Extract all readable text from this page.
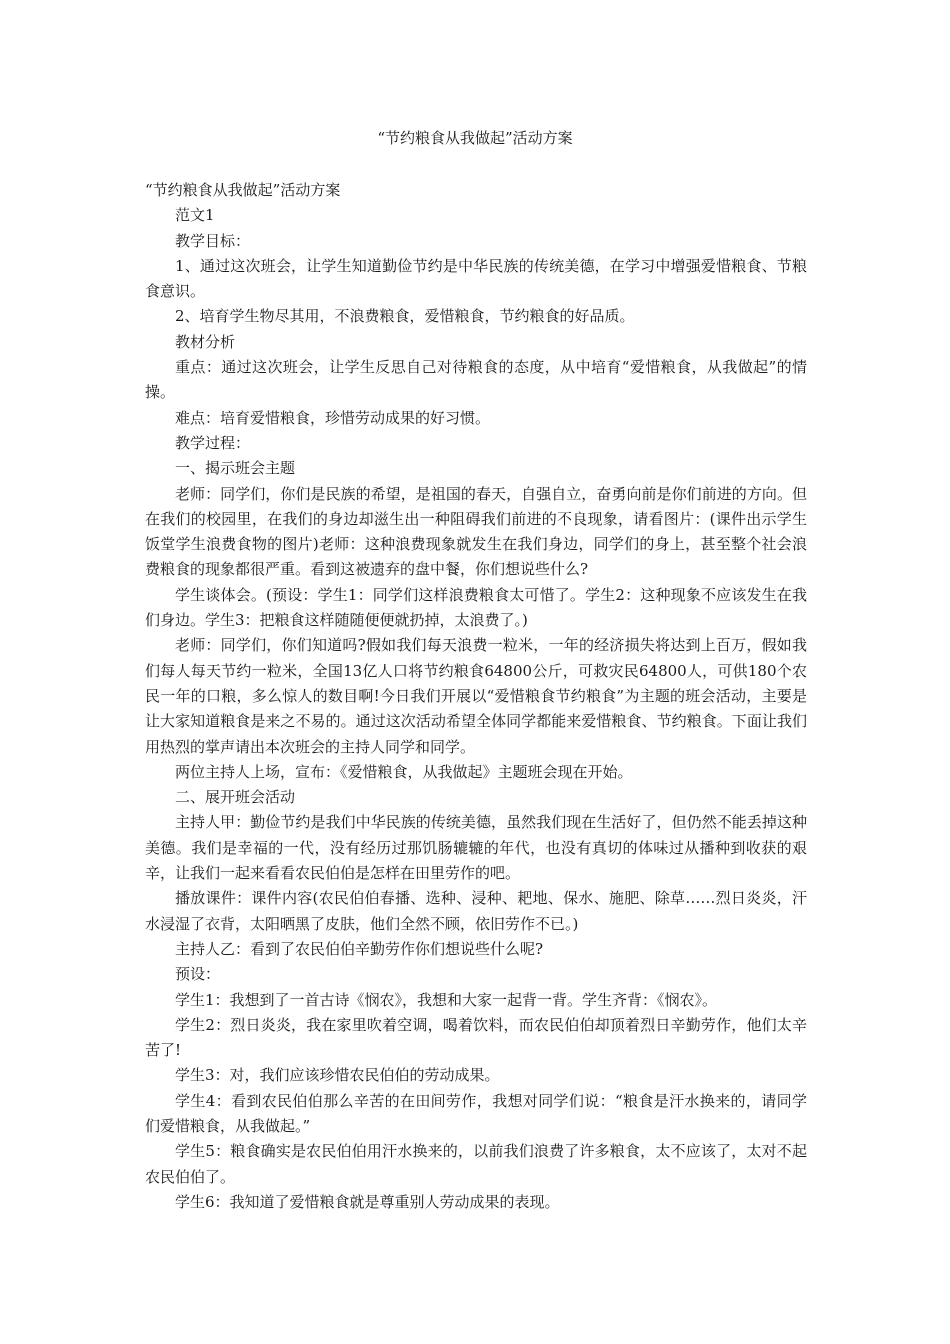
“节约粮食从我做起”活动方案

“节约粮食从我做起”活动方案

范文1

教学目标：

1、通过这次班会，让学生知道勤俭节约是中华民族的传统美德，在学习中增强爱惜粮食、节粮食意识。

2、培育学生物尽其用，不浪费粮食，爱惜粮食，节约粮食的好品质。

教材分析

重点：通过这次班会，让学生反思自己对待粮食的态度，从中培育“爱惜粮食，从我做起”的情操。

难点：培育爱惜粮食，珍惜劳动成果的好习惯。

教学过程：

一、揭示班会主题

老师：同学们，你们是民族的希望，是祖国的春天，自强自立，奋勇向前是你们前进的方向。但在我们的校园里，在我们的身边却滋生出一种阻碍我们前进的不良现象，请看图片：(课件出示学生饭堂学生浪费食物的图片)老师：这种浪费现象就发生在我们身边，同学们的身上，甚至整个社会浪费粮食的现象都很严重。看到这被遗弃的盘中餐，你们想说些什么?

学生谈体会。(预设：学生1：同学们这样浪费粮食太可惜了。学生2：这种现象不应该发生在我们身边。学生3：把粮食这样随随便便就扔掉，太浪费了。)

老师：同学们，你们知道吗?假如我们每天浪费一粒米，一年的经济损失将达到上百万，假如我们每人每天节约一粒米，全国13亿人口将节约粮食64800公斤，可救灾民64800人，可供180个农民一年的口粮，多么惊人的数目啊!今日我们开展以“爱惜粮食节约粮食”为主题的班会活动，主要是让大家知道粮食是来之不易的。通过这次活动希望全体同学都能来爱惜粮食、节约粮食。下面让我们用热烈的掌声请出本次班会的主持人同学和同学。

两位主持人上场，宣布：《爱惜粮食，从我做起》主题班会现在开始。

二、展开班会活动

主持人甲：勤俭节约是我们中华民族的传统美德，虽然我们现在生活好了，但仍然不能丢掉这种美德。我们是幸福的一代，没有经历过那饥肠辘辘的年代，也没有真切的体味过从播种到收获的艰辛，让我们一起来看看农民伯伯是怎样在田里劳作的吧。

播放课件：课件内容(农民伯伯春播、选种、浸种、耙地、保水、施肥、除草……烈日炎炎，汗水浸湿了衣背，太阳晒黑了皮肤，他们全然不顾，依旧劳作不已。)

主持人乙：看到了农民伯伯辛勤劳作你们想说些什么呢?

预设：

学生1：我想到了一首古诗《悯农》，我想和大家一起背一背。学生齐背：《悯农》。

学生2：烈日炎炎，我在家里吹着空调，喝着饮料，而农民伯伯却顶着烈日辛勤劳作，他们太辛苦了!

学生3：对，我们应该珍惜农民伯伯的劳动成果。

学生4：看到农民伯伯那么辛苦的在田间劳作，我想对同学们说：“粮食是汗水换来的，请同学们爱惜粮食，从我做起。”

学生5：粮食确实是农民伯伯用汗水换来的，以前我们浪费了许多粮食，太不应该了，太对不起农民伯伯了。

学生6：我知道了爱惜粮食就是尊重别人劳动成果的表现。
